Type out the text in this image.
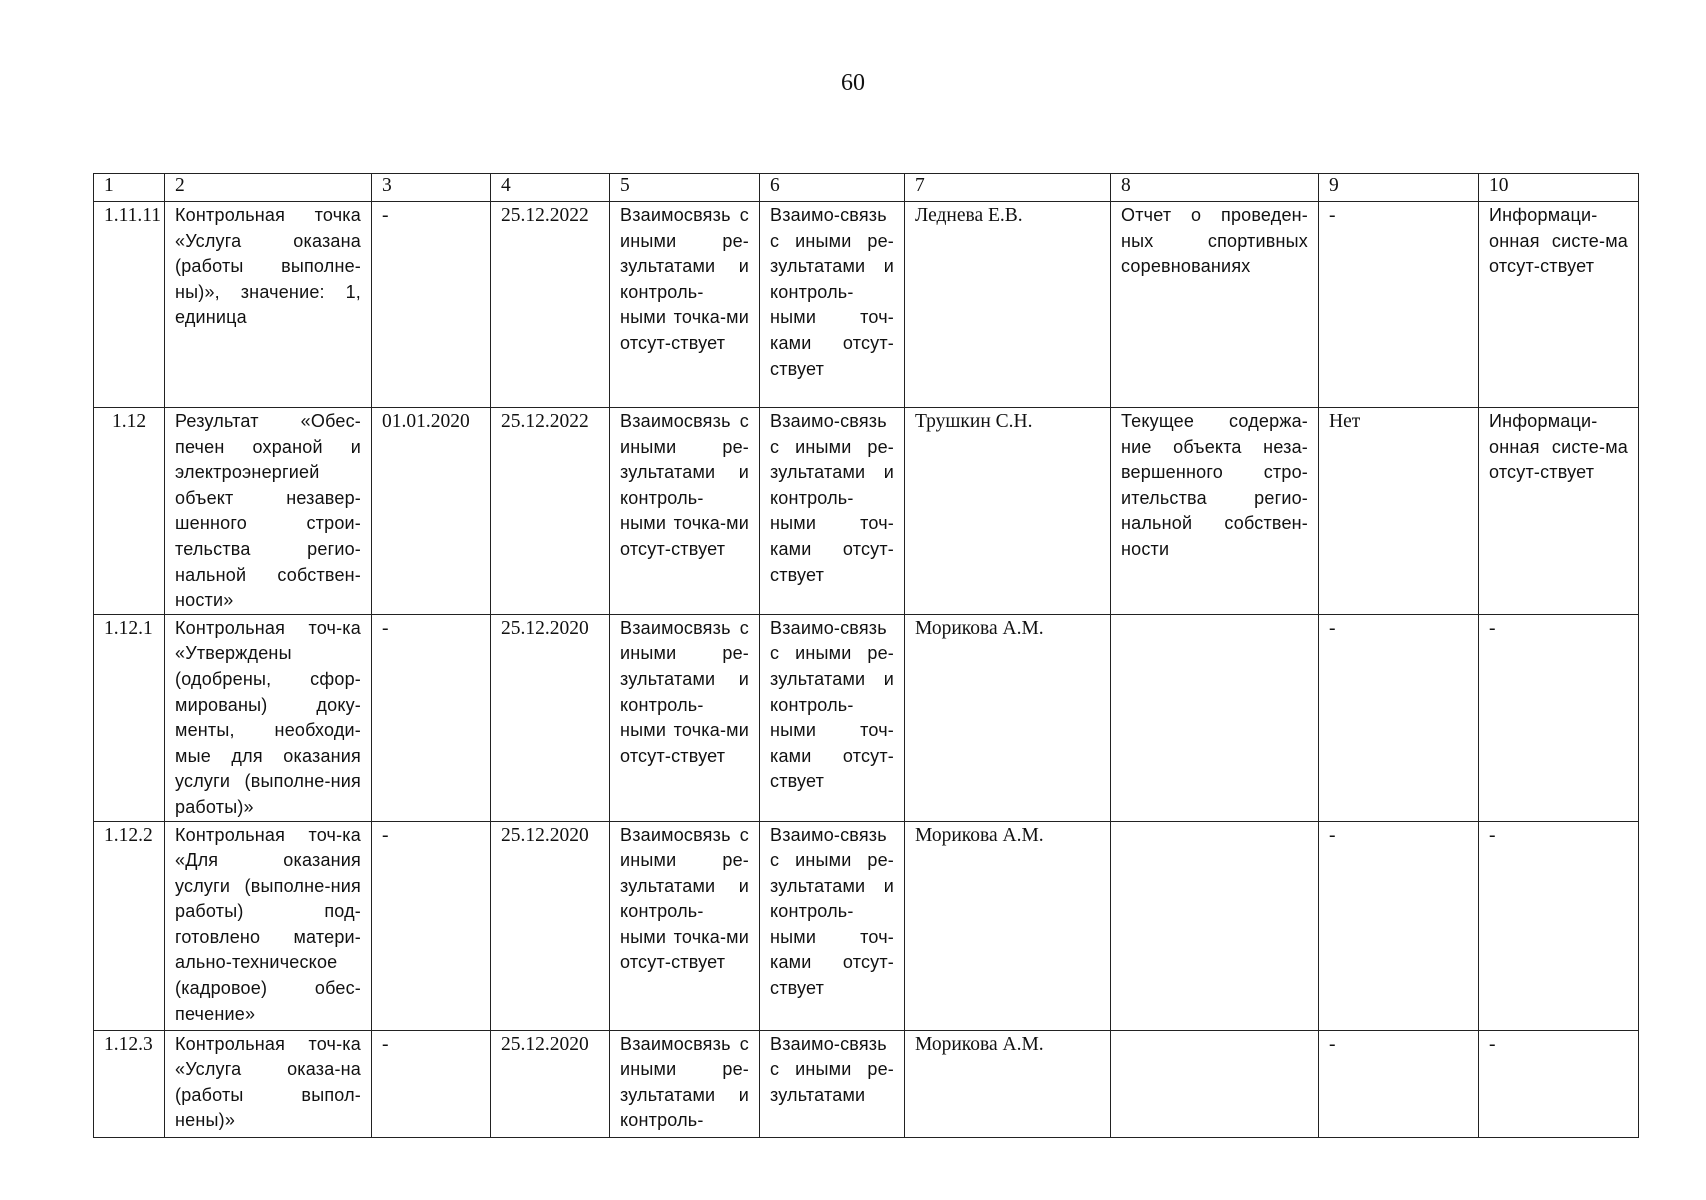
60
1	2	3	4	5	6	7	8	9	10
1.11.11	Контрольная точка «Услуга оказана (работы выполне-ны)», значение: 1, единица	-	25.12.2022	Взаимосвязь с иными ре-зультатами и контроль-ными точка-ми отсут-ствует	Взаимо-связь с иными ре-зультатами и контроль-ными точ-ками отсут-ствует	Леднева Е.В.	Отчет о проведен-ных спортивных соревнованиях	-	Информаци-онная систе-ма отсут-ствует
1.12	Результат «Обес-печен охраной и электроэнергией объект незавер-шенного строи-тельства регио-нальной собствен-ности»	01.01.2020	25.12.2022	Взаимосвязь с иными ре-зультатами и контроль-ными точка-ми отсут-ствует	Взаимо-связь с иными ре-зультатами и контроль-ными точ-ками отсут-ствует	Трушкин С.Н.	Текущее содержа-ние объекта неза-вершенного стро-ительства регио-нальной собствен-ности	Нет	Информаци-онная систе-ма отсут-ствует
1.12.1	Контрольная точ-ка «Утверждены (одобрены, сфор-мированы) доку-менты, необходи-мые для оказания услуги (выполне-ния работы)»	-	25.12.2020	Взаимосвязь с иными ре-зультатами и контроль-ными точка-ми отсут-ствует	Взаимо-связь с иными ре-зультатами и контроль-ными точ-ками отсут-ствует	Морикова А.М.		-	-
1.12.2	Контрольная точ-ка «Для оказания услуги (выполне-ния работы) под-готовлено матери-ально-техническое (кадровое) обес-печение»	-	25.12.2020	Взаимосвязь с иными ре-зультатами и контроль-ными точка-ми отсут-ствует	Взаимо-связь с иными ре-зультатами и контроль-ными точ-ками отсут-ствует	Морикова А.М.		-	-
1.12.3	Контрольная точ-ка «Услуга оказа-на (работы выпол-нены)»	-	25.12.2020	Взаимосвязь с иными ре-зультатами и контроль-	Взаимо-связь с иными ре-зультатами	Морикова А.М.		-	-
